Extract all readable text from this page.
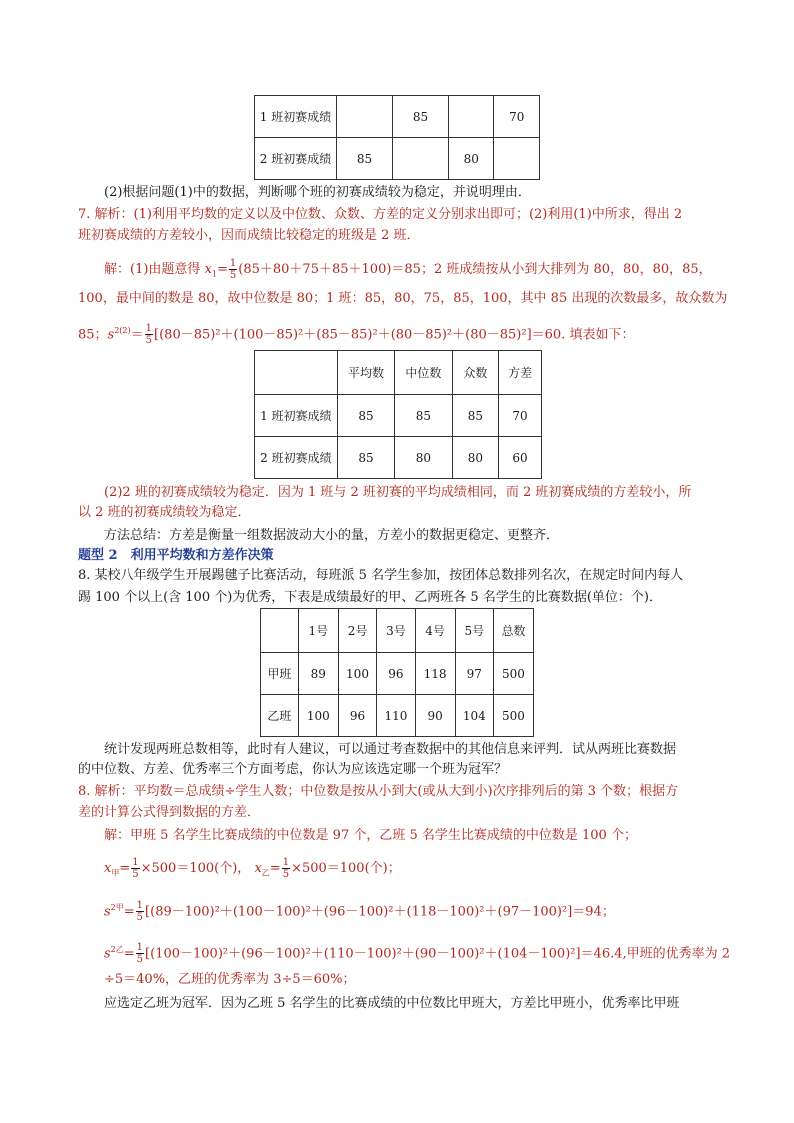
1 班初赛成绩		85		70
2 班初赛成绩	85		80	
(2)根据问题(1)中的数据，判断哪个班的初赛成绩较为稳定，并说明理由．
7. 解析：(1)利用平均数的定义以及中位数、众数、方差的定义分别求出即可；(2)利用(1)中所求，得出 2
班初赛成绩的方差较小，因而成绩比较稳定的班级是 2 班．
解：(1)由题意得 $x_1= \frac{1}{5} (85+80+75+85+100)=85$；2 班成绩按从小到大排列为 80，80，80，85，
100，最中间的数是 80，故中位数是 80；1 班：85，80，75，85，100，其中 85 出现的次数最多，故众数为
85；$s^{2(2)}= \frac{1}{5} [(80-85)^2+(100-85)^2+(85-85)^2+(80-85)^2+(80-85)^2]=60$. 填表如下：
	平均数	中位数	众数	方差
1 班初赛成绩	85	85	85	70
2 班初赛成绩	85	80	80	60
(2)2 班的初赛成绩较为稳定．因为 1 班与 2 班初赛的平均成绩相同，而 2 班初赛成绩的方差较小，所
以 2 班的初赛成绩较为稳定．
方法总结：方差是衡量一组数据波动大小的量，方差小的数据更稳定、更整齐．
题型 2　利用平均数和方差作决策
8. 某校八年级学生开展踢毽子比赛活动，每班派 5 名学生参加，按团体总数排列名次，在规定时间内每人
踢 100 个以上(含 100 个)为优秀，下表是成绩最好的甲、乙两班各 5 名学生的比赛数据(单位：个)．
	1号	2号	3号	4号	5号	总数
甲班	89	100	96	118	97	500
乙班	100	96	110	90	104	500
统计发现两班总数相等，此时有人建议，可以通过考查数据中的其他信息来评判．试从两班比赛数据
的中位数、方差、优秀率三个方面考虑，你认为应该选定哪一个班为冠军？
8. 解析：平均数＝总成绩÷学生人数；中位数是按从小到大(或从大到小)次序排列后的第 3 个数；根据方
差的计算公式得到数据的方差．
解：甲班 5 名学生比赛成绩的中位数是 97 个，乙班 5 名学生比赛成绩的中位数是 100 个；
$x_甲= \frac{1}{5} \times 500=100$(个)， $x_乙= \frac{1}{5} \times 500=100$(个)；
$s^{2甲}= \frac{1}{5} [(89-100)^2+(100-100)^2+(96-100)^2+(118-100)^2+(97-100)^2]=94$；
$s^{2乙}= \frac{1}{5} [(100-100)^2+(96-100)^2+(110-100)^2+(90-100)^2+(104-100)^2]=46.4$,甲班的优秀率为 2
÷5＝40%，乙班的优秀率为 3÷5＝60%；
应选定乙班为冠军．因为乙班 5 名学生的比赛成绩的中位数比甲班大，方差比甲班小，优秀率比甲班
